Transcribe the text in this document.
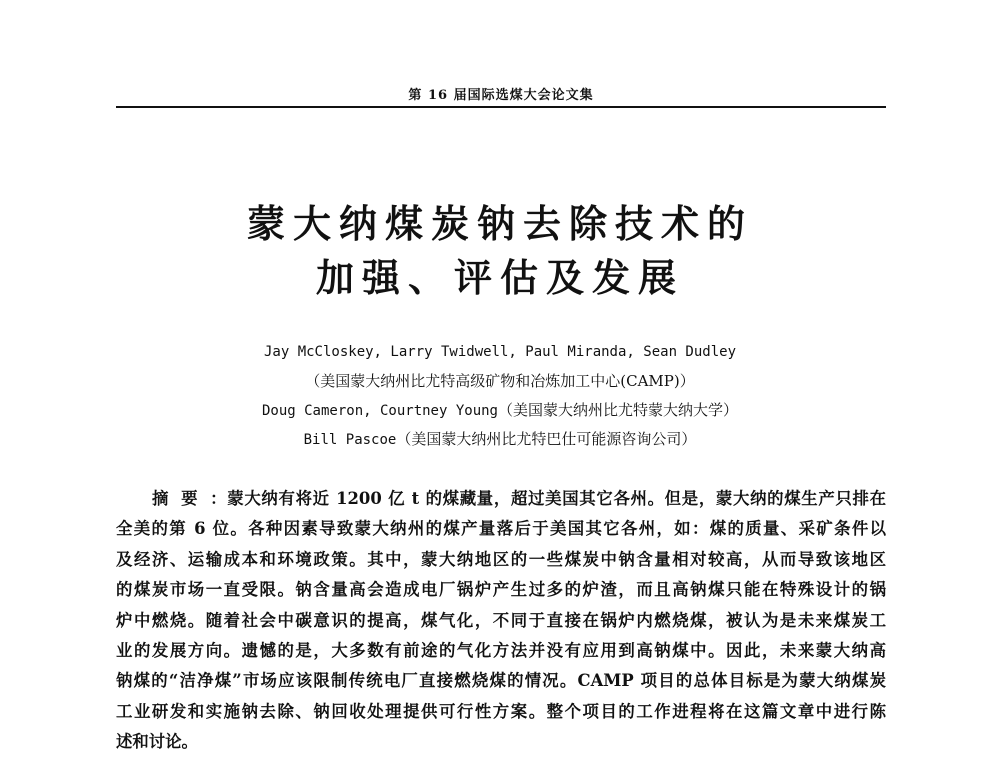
第 16 届国际选煤大会论文集
蒙大纳煤炭钠去除技术的
加强、评估及发展
Jay McCloskey, Larry Twidwell, Paul Miranda, Sean Dudley
（美国蒙大纳州比尤特高级矿物和冶炼加工中心(CAMP)）
Doug Cameron, Courtney Young（美国蒙大纳州比尤特蒙大纳大学）
Bill Pascoe（美国蒙大纳州比尤特巴仕可能源咨询公司）
摘要：蒙大纳有将近 1200 亿 t 的煤藏量，超过美国其它各州。但是，蒙大纳的煤生产只排在
全美的第 6 位。各种因素导致蒙大纳州的煤产量落后于美国其它各州，如：煤的质量、采矿条件以
及经济、运输成本和环境政策。其中，蒙大纳地区的一些煤炭中钠含量相对较高，从而导致该地区
的煤炭市场一直受限。钠含量高会造成电厂锅炉产生过多的炉渣，而且高钠煤只能在特殊设计的锅
炉中燃烧。随着社会中碳意识的提高，煤气化，不同于直接在锅炉内燃烧煤，被认为是未来煤炭工
业的发展方向。遗憾的是，大多数有前途的气化方法并没有应用到高钠煤中。因此，未来蒙大纳高
钠煤的“洁净煤”市场应该限制传统电厂直接燃烧煤的情况。CAMP 项目的总体目标是为蒙大纳煤炭
工业研发和实施钠去除、钠回收处理提供可行性方案。整个项目的工作进程将在这篇文章中进行陈
述和讨论。
